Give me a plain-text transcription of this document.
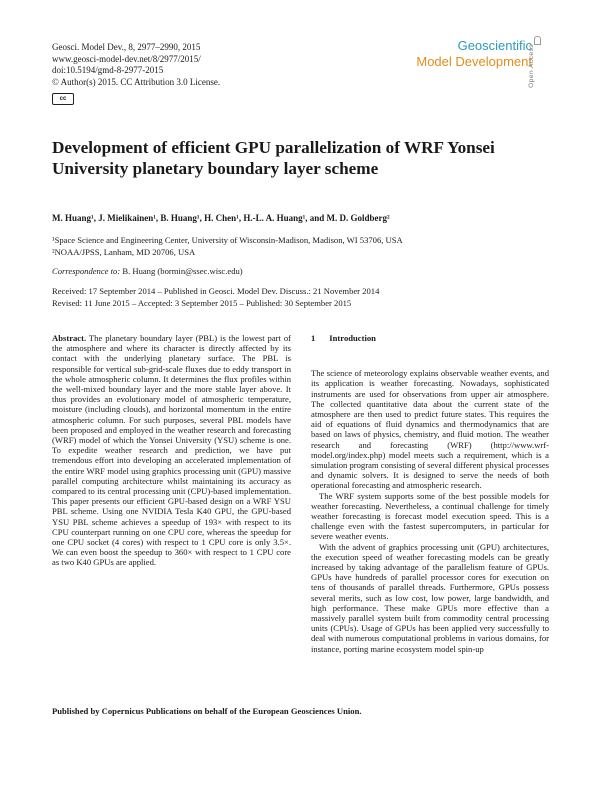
Geosci. Model Dev., 8, 2977–2990, 2015
www.geosci-model-dev.net/8/2977/2015/
doi:10.5194/gmd-8-2977-2015
© Author(s) 2015. CC Attribution 3.0 License.
cc
Geoscientific
Model Development
Open Access
Development of efficient GPU parallelization of WRF Yonsei University planetary boundary layer scheme
M. Huang¹, J. Mielikainen¹, B. Huang¹, H. Chen¹, H.-L. A. Huang¹, and M. D. Goldberg²
¹Space Science and Engineering Center, University of Wisconsin-Madison, Madison, WI 53706, USA
²NOAA/JPSS, Lanham, MD 20706, USA
Correspondence to: B. Huang (bormin@ssec.wisc.edu)
Received: 17 September 2014 – Published in Geosci. Model Dev. Discuss.: 21 November 2014
Revised: 11 June 2015 – Accepted: 3 September 2015 – Published: 30 September 2015

Abstract. The planetary boundary layer (PBL) is the lowest part of the atmosphere and where its character is directly affected by its contact with the underlying planetary surface. The PBL is responsible for vertical sub-grid-scale fluxes due to eddy transport in the whole atmospheric column. It determines the flux profiles within the well-mixed boundary layer and the more stable layer above. It thus provides an evolutionary model of atmospheric temperature, moisture (including clouds), and horizontal momentum in the entire atmospheric column. For such purposes, several PBL models have been proposed and employed in the weather research and forecasting (WRF) model of which the Yonsei University (YSU) scheme is one. To expedite weather research and prediction, we have put tremendous effort into developing an accelerated implementation of the entire WRF model using graphics processing unit (GPU) massive parallel computing architecture whilst maintaining its accuracy as compared to its central processing unit (CPU)-based implementation. This paper presents our efficient GPU-based design on a WRF YSU PBL scheme. Using one NVIDIA Tesla K40 GPU, the GPU-based YSU PBL scheme achieves a speedup of 193× with respect to its CPU counterpart running on one CPU core, whereas the speedup for one CPU socket (4 cores) with respect to 1 CPU core is only 3.5×. We can even boost the speedup to 360× with respect to 1 CPU core as two K40 GPUs are applied.

1 Introduction

The science of meteorology explains observable weather events, and its application is weather forecasting. Nowadays, sophisticated instruments are used for observations from upper air atmosphere. The collected quantitative data about the current state of the atmosphere are then used to predict future states. This requires the aid of equations of fluid dynamics and thermodynamics that are based on laws of physics, chemistry, and fluid motion. The weather research and forecasting (WRF) (http://www.wrf-model.org/index.php) model meets such a requirement, which is a simulation program consisting of several different physical processes and dynamic solvers. It is designed to serve the needs of both operational forecasting and atmospheric research.

The WRF system supports some of the best possible models for weather forecasting. Nevertheless, a continual challenge for timely weather forecasting is forecast model execution speed. This is a challenge even with the fastest supercomputers, in particular for severe weather events.

With the advent of graphics processing unit (GPU) architectures, the execution speed of weather forecasting models can be greatly increased by taking advantage of the parallelism feature of GPUs. GPUs have hundreds of parallel processor cores for execution on tens of thousands of parallel threads. Furthermore, GPUs possess several merits, such as low cost, low power, large bandwidth, and high performance. These make GPUs more effective than a massively parallel system built from commodity central processing units (CPUs). Usage of GPUs has been applied very successfully to deal with numerous computational problems in various domains, for instance, porting marine ecosystem model spin-up

Published by Copernicus Publications on behalf of the European Geosciences Union.
